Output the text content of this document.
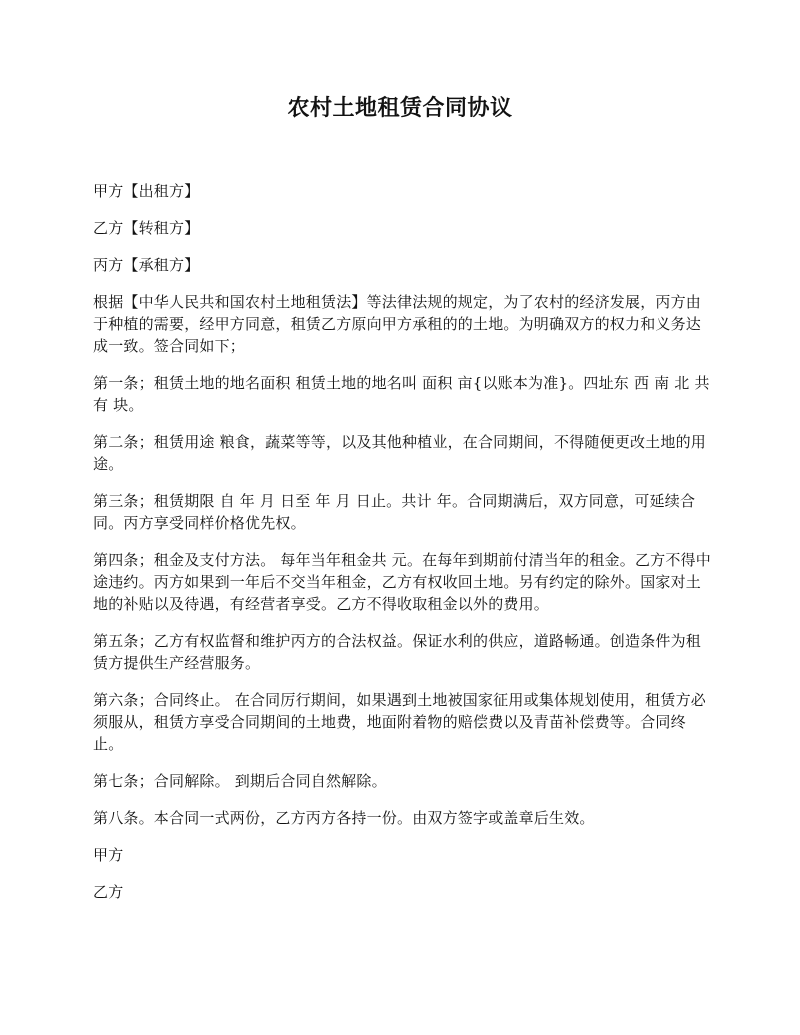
农村土地租赁合同协议

甲方【出租方】

乙方【转租方】

丙方【承租方】

根据【中华人民共和国农村土地租赁法】等法律法规的规定，为了农村的经济发展，丙方由于种植的需要，经甲方同意，租赁乙方原向甲方承租的的土地。为明确双方的权力和义务达成一致。签合同如下；

第一条；租赁土地的地名面积 租赁土地的地名叫 面积 亩{以账本为准}。四址东 西 南 北 共有 块。

第二条；租赁用途 粮食，蔬菜等等，以及其他种植业，在合同期间，不得随便更改土地的用途。

第三条；租赁期限 自 年 月 日至 年 月 日止。共计 年。合同期满后，双方同意，可延续合同。丙方享受同样价格优先权。

第四条；租金及支付方法。 每年当年租金共 元。在每年到期前付清当年的租金。乙方不得中途违约。丙方如果到一年后不交当年租金，乙方有权收回土地。另有约定的除外。国家对土地的补贴以及待遇，有经营者享受。乙方不得收取租金以外的费用。

第五条；乙方有权监督和维护丙方的合法权益。保证水利的供应，道路畅通。创造条件为租赁方提供生产经营服务。

第六条；合同终止。 在合同厉行期间，如果遇到土地被国家征用或集体规划使用，租赁方必须服从，租赁方享受合同期间的土地费，地面附着物的赔偿费以及青苗补偿费等。合同终止。

第七条；合同解除。 到期后合同自然解除。

第八条。本合同一式两份，乙方丙方各持一份。由双方签字或盖章后生效。

甲方

乙方
